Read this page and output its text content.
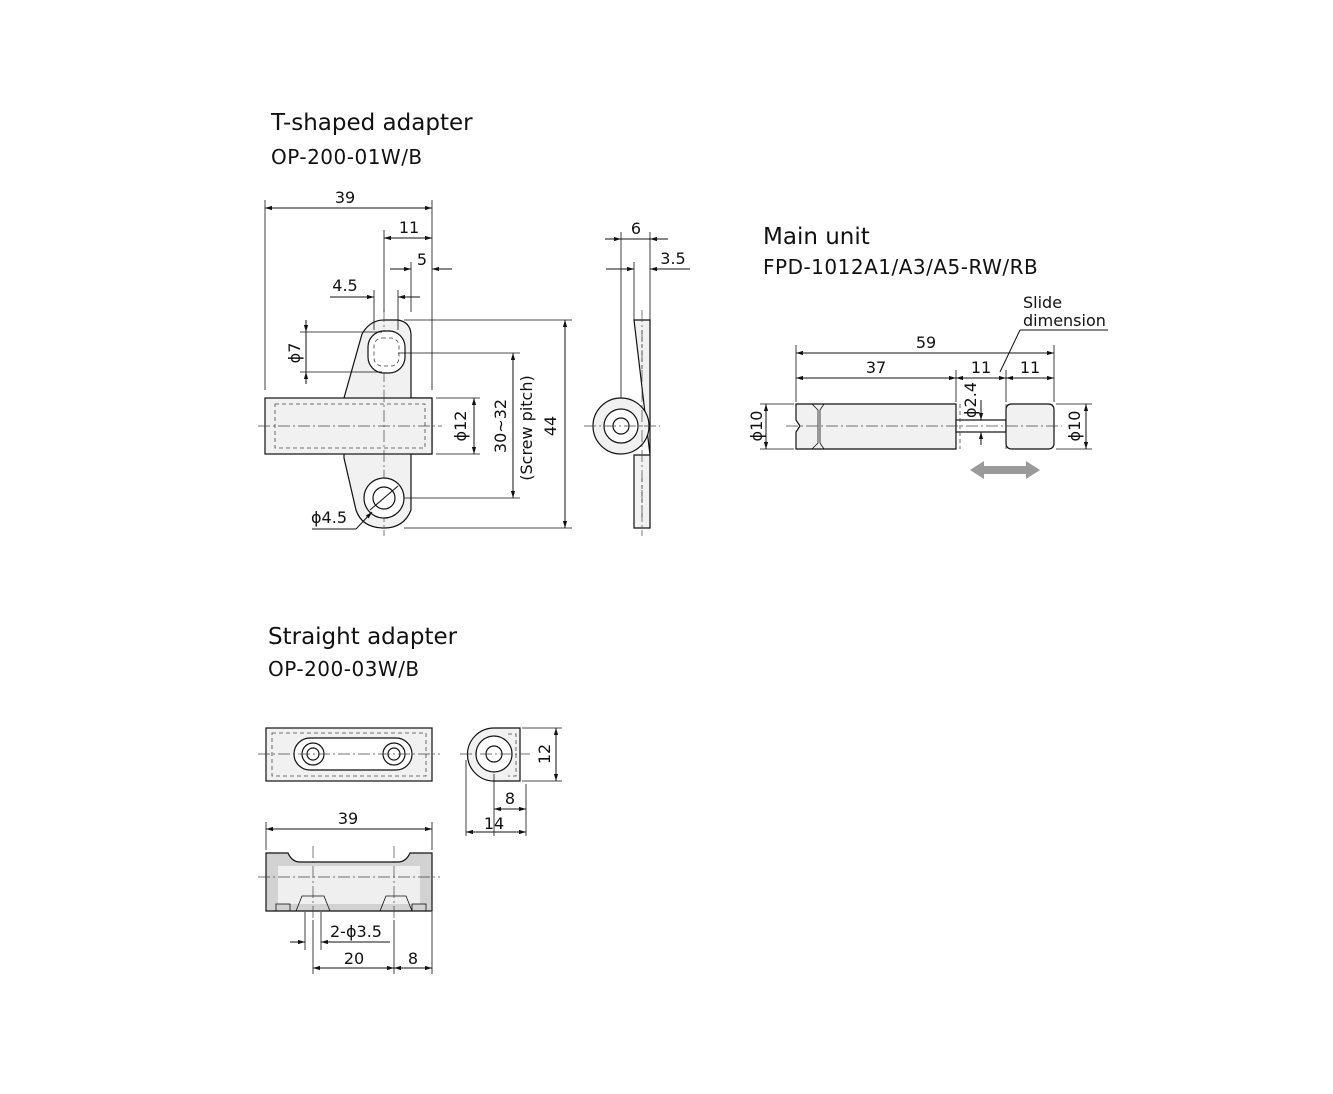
T-shaped adapter
OP-200-01W/B
Main unit
FPD-1012A1/A3/A5-RW/RB
Straight adapter
OP-200-03W/B
39
11
5
4.5
ϕ7
ϕ12 30∼32 (Screw pitch) 44
ϕ4.5
6
3.5
59
37	11 11
Slide
dimension
ϕ10
ϕ2.4
ϕ10
12
8
14
39
2-ϕ3.5
20	8
